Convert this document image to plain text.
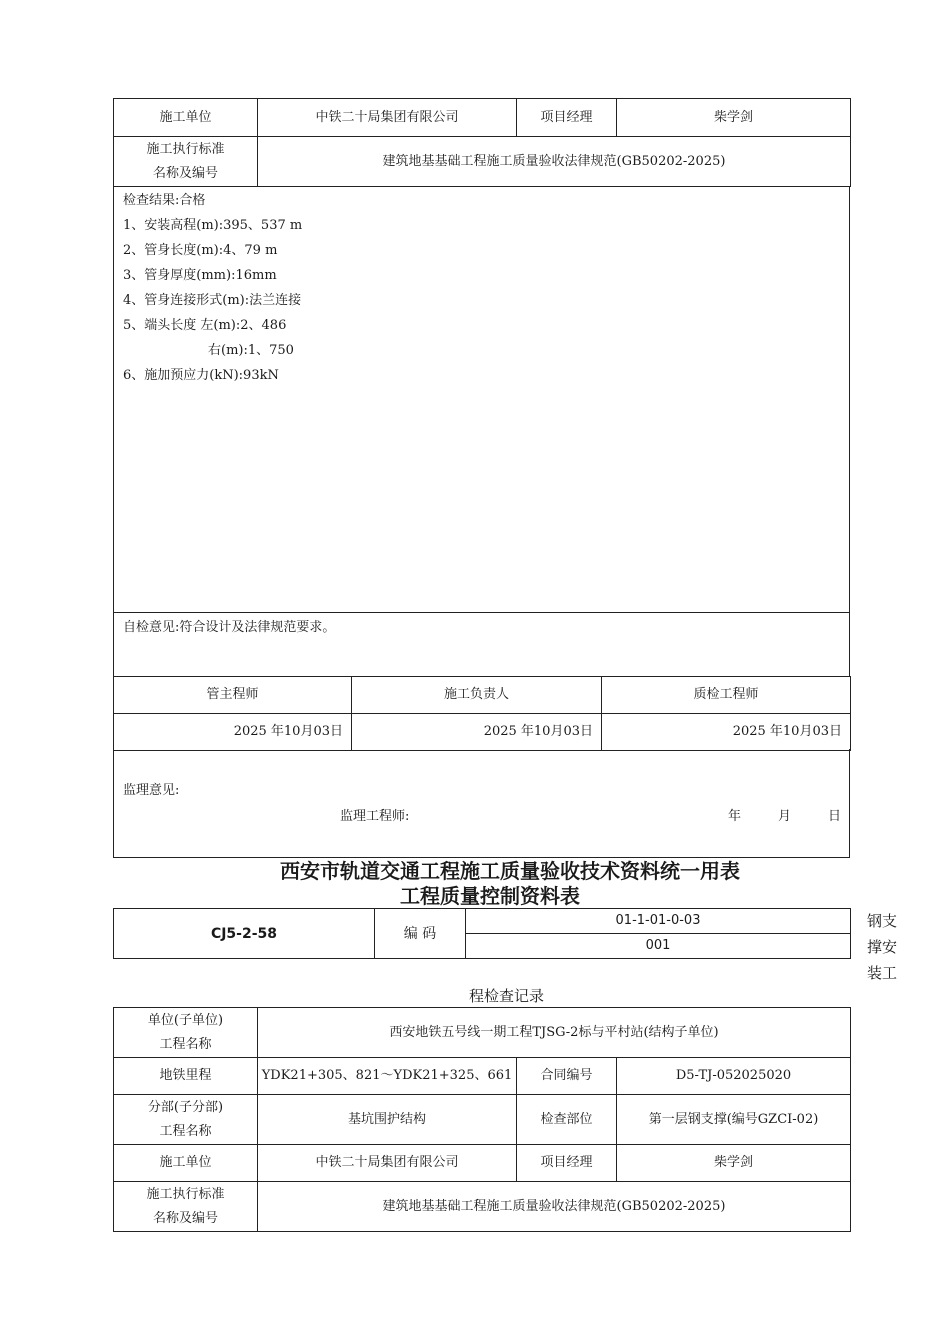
施工单位	中铁二十局集团有限公司	项目经理	柴学剑

施工执行标准
名称及编号	建筑地基基础工程施工质量验收法律规范(GB50202-2025)		
检查结果:合格
1、安装高程(m):395、537 m
2、管身长度(m):4、79 m
3、管身厚度(mm):16mm
4、管身连接形式(m):法兰连接
5、端头长度 左(m):2、486
右(m):1、750
6、施加预应力(kN):93kN
自检意见:符合设计及法律规范要求。
管主程师	施工负责人	质检工程师
2025 年10月03日	2025 年10月03日	2025 年10月03日
监理意见:
监理工程师:	年	月	日
西安市轨道交通工程施工质量验收技术资料统一用表
工程质量控制资料表
CJ5-2-58	编 码	01-1-01-0-03
001
钢支
撑安
装工
程检查记录
单位(子单位)
工程名称	西安地铁五号线一期工程TJSG-2标与平村站(结构子单位)		
地铁里程	YDK21+305、821～YDK21+325、661	合同编号	D5-TJ-052025020

分部(子分部)
工程名称	基坑围护结构	检查部位	第一层钢支撑(编号GZCI-02)
施工单位	中铁二十局集团有限公司	项目经理	柴学剑

施工执行标准
名称及编号	建筑地基基础工程施工质量验收法律规范(GB50202-2025)		
